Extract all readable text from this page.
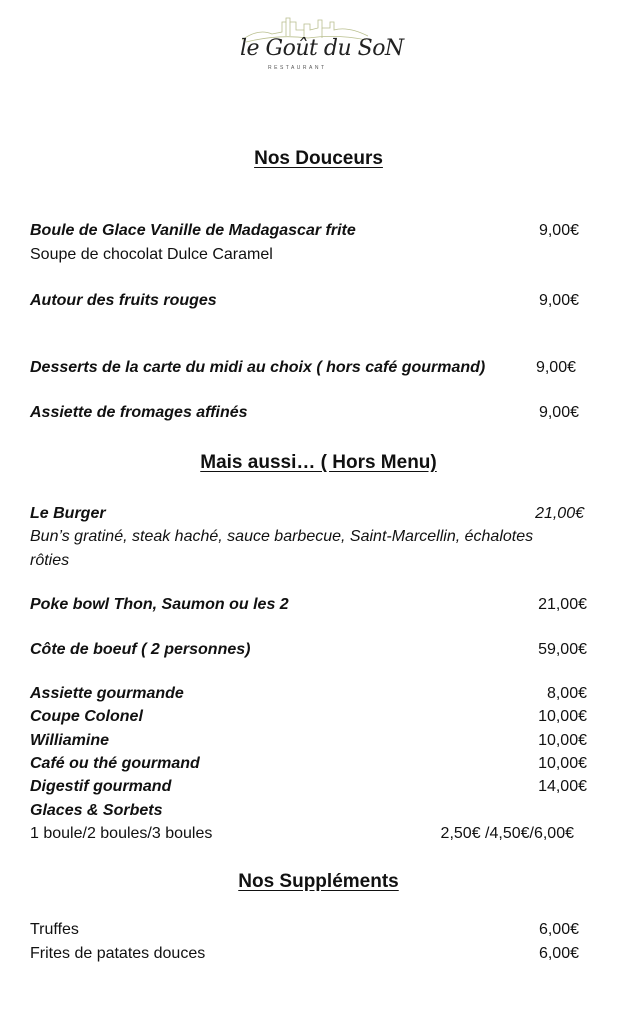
le Goût du SoN
RESTAURANT
Nos Douceurs
Boule de Glace Vanille de Madagascar frite	9,00€
Soupe de chocolat Dulce Caramel
Autour des fruits rouges	9,00€
Desserts de la carte du midi au choix ( hors café gourmand)	9,00€
Assiette de fromages affinés	9,00€
Mais aussi… ( Hors Menu)
Le Burger	21,00€
Bun’s gratiné, steak haché, sauce barbecue, Saint-Marcellin, échalotes
rôties
Poke bowl Thon, Saumon ou les 2	21,00€
Côte de boeuf ( 2 personnes)	59,00€
Assiette gourmande	8,00€
Coupe Colonel	10,00€
Williamine	10,00€
Café ou thé gourmand	10,00€
Digestif gourmand	14,00€
Glaces & Sorbets
1 boule/2 boules/3 boules	2,50€ /4,50€/6,00€
Nos Suppléments
Truffes	6,00€
Frites de patates douces	6,00€
